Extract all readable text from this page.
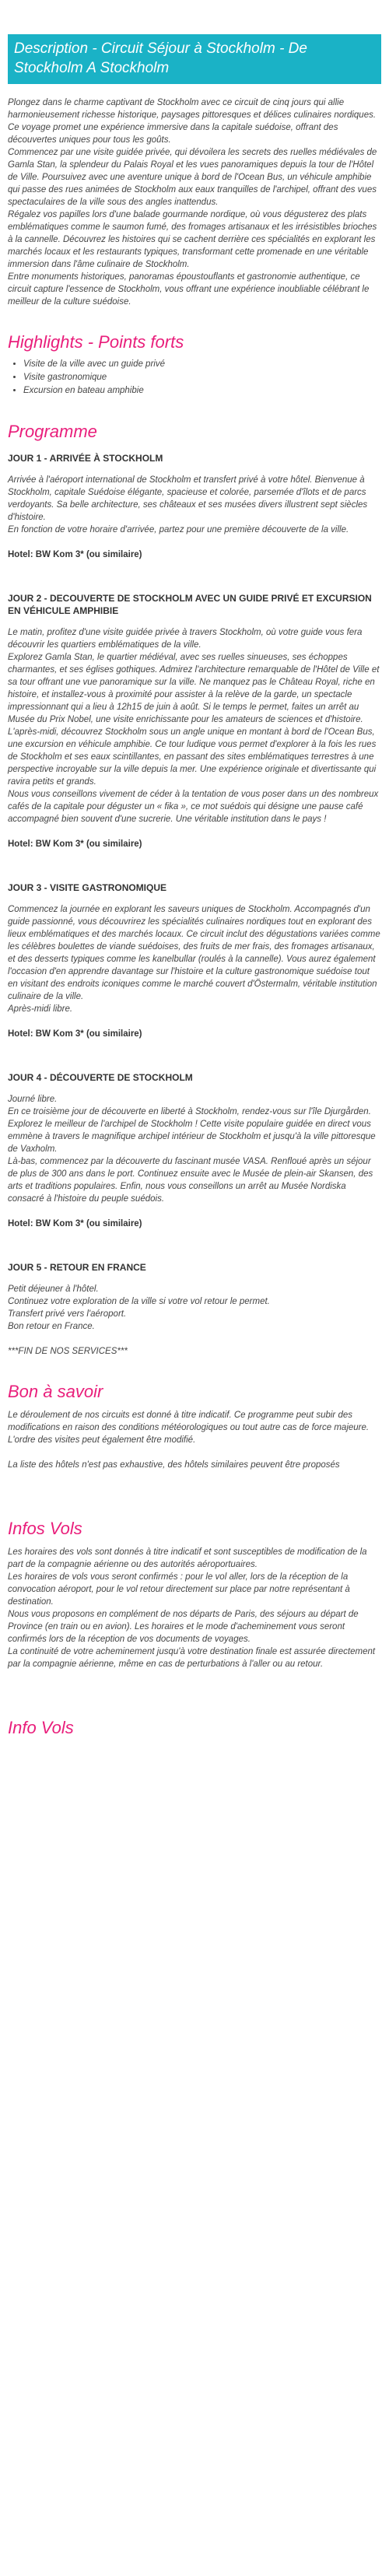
Description - Circuit Séjour à Stockholm - De Stockholm A Stockholm

Plongez dans le charme captivant de Stockholm avec ce circuit de cinq jours qui allie harmonieusement richesse historique, paysages pittoresques et délices culinaires nordiques. Ce voyage promet une expérience immersive dans la capitale suédoise, offrant des découvertes uniques pour tous les goûts.

Commencez par une visite guidée privée, qui dévoilera les secrets des ruelles médiévales de Gamla Stan, la splendeur du Palais Royal et les vues panoramiques depuis la tour de l'Hôtel de Ville. Poursuivez avec une aventure unique à bord de l'Ocean Bus, un véhicule amphibie qui passe des rues animées de Stockholm aux eaux tranquilles de l'archipel, offrant des vues spectaculaires de la ville sous des angles inattendus.

Régalez vos papilles lors d'une balade gourmande nordique, où vous dégusterez des plats emblématiques comme le saumon fumé, des fromages artisanaux et les irrésistibles brioches à la cannelle. Découvrez les histoires qui se cachent derrière ces spécialités en explorant les marchés locaux et les restaurants typiques, transformant cette promenade en une véritable immersion dans l'âme culinaire de Stockholm.

Entre monuments historiques, panoramas époustouflants et gastronomie authentique, ce circuit capture l'essence de Stockholm, vous offrant une expérience inoubliable célébrant le meilleur de la culture suédoise.

Highlights - Points forts
• Visite de la ville avec un guide privé
• Visite gastronomique
• Excursion en bateau amphibie
Programme
JOUR 1 - ARRIVÉE À STOCKHOLM

Arrivée à l'aéroport international de Stockholm et transfert privé à votre hôtel. Bienvenue à Stockholm, capitale Suédoise élégante, spacieuse et colorée, parsemée d'îlots et de parcs verdoyants. Sa belle architecture, ses châteaux et ses musées divers illustrent sept siècles d'histoire.

En fonction de votre horaire d'arrivée, partez pour une première découverte de la ville.

Hotel: BW Kom 3* (ou similaire)
JOUR 2 - DECOUVERTE DE STOCKHOLM AVEC UN GUIDE PRIVÉ ET EXCURSION EN VÉHICULE AMPHIBIE

Le matin, profitez d'une visite guidée privée à travers Stockholm, où votre guide vous fera découvrir les quartiers emblématiques de la ville.

Explorez Gamla Stan, le quartier médiéval, avec ses ruelles sinueuses, ses échoppes charmantes, et ses églises gothiques. Admirez l'architecture remarquable de l'Hôtel de Ville et sa tour offrant une vue panoramique sur la ville. Ne manquez pas le Château Royal, riche en histoire, et installez-vous à proximité pour assister à la relève de la garde, un spectacle impressionnant qui a lieu à 12h15 de juin à août. Si le temps le permet, faites un arrêt au Musée du Prix Nobel, une visite enrichissante pour les amateurs de sciences et d'histoire.

L'après-midi, découvrez Stockholm sous un angle unique en montant à bord de l'Ocean Bus, une excursion en véhicule amphibie. Ce tour ludique vous permet d'explorer à la fois les rues de Stockholm et ses eaux scintillantes, en passant des sites emblématiques terrestres à une perspective incroyable sur la ville depuis la mer. Une expérience originale et divertissante qui ravira petits et grands.

Nous vous conseillons vivement de céder à la tentation de vous poser dans un des nombreux cafés de la capitale pour déguster un « fika », ce mot suédois qui désigne une pause café accompagné bien souvent d'une sucrerie. Une véritable institution dans le pays !

Hotel: BW Kom 3* (ou similaire)
JOUR 3 - VISITE GASTRONOMIQUE

Commencez la journée en explorant les saveurs uniques de Stockholm. Accompagnés d'un guide passionné, vous découvrirez les spécialités culinaires nordiques tout en explorant des lieux emblématiques et des marchés locaux. Ce circuit inclut des dégustations variées comme les célèbres boulettes de viande suédoises, des fruits de mer frais, des fromages artisanaux, et des desserts typiques comme les kanelbullar (roulés à la cannelle). Vous aurez également l'occasion d'en apprendre davantage sur l'histoire et la culture gastronomique suédoise tout en visitant des endroits iconiques comme le marché couvert d'Östermalm, véritable institution culinaire de la ville.

Après-midi libre.

Hotel: BW Kom 3* (ou similaire)
JOUR 4 - DÉCOUVERTE DE STOCKHOLM

Journé libre.

En ce troisième jour de découverte en liberté à Stockholm, rendez-vous sur l'île Djurgården.

Explorez le meilleur de l'archipel de Stockholm ! Cette visite populaire guidée en direct vous emmène à travers le magnifique archipel intérieur de Stockholm et jusqu'à la ville pittoresque de Vaxholm.

Là-bas, commencez par la découverte du fascinant musée VASA. Renfloué après un séjour de plus de 300 ans dans le port. Continuez ensuite avec le Musée de plein-air Skansen, des arts et traditions populaires. Enfin, nous vous conseillons un arrêt au Musée Nordiska consacré à l'histoire du peuple suédois.

Hotel: BW Kom 3* (ou similaire)
JOUR 5 - RETOUR EN FRANCE

Petit déjeuner à l'hôtel.

Continuez votre exploration de la ville si votre vol retour le permet.

Transfert privé vers l'aéroport.

Bon retour en France.

***FIN DE NOS SERVICES***

Bon à savoir

Le déroulement de nos circuits est donné à titre indicatif. Ce programme peut subir des modifications en raison des conditions météorologiques ou tout autre cas de force majeure. L'ordre des visites peut également être modifié.

La liste des hôtels n'est pas exhaustive, des hôtels similaires peuvent être proposés

Infos Vols

Les horaires des vols sont donnés à titre indicatif et sont susceptibles de modification de la part de la compagnie aérienne ou des autorités aéroportuaires.

Les horaires de vols vous seront confirmés : pour le vol aller, lors de la réception de la convocation aéroport, pour le vol retour directement sur place par notre représentant à destination.

Nous vous proposons en complément de nos départs de Paris, des séjours au départ de Province (en train ou en avion). Les horaires et le mode d'acheminement vous seront confirmés lors de la réception de vos documents de voyages.

La continuité de votre acheminement jusqu'à votre destination finale est assurée directement par la compagnie aérienne, même en cas de perturbations à l'aller ou au retour.

Info Vols
